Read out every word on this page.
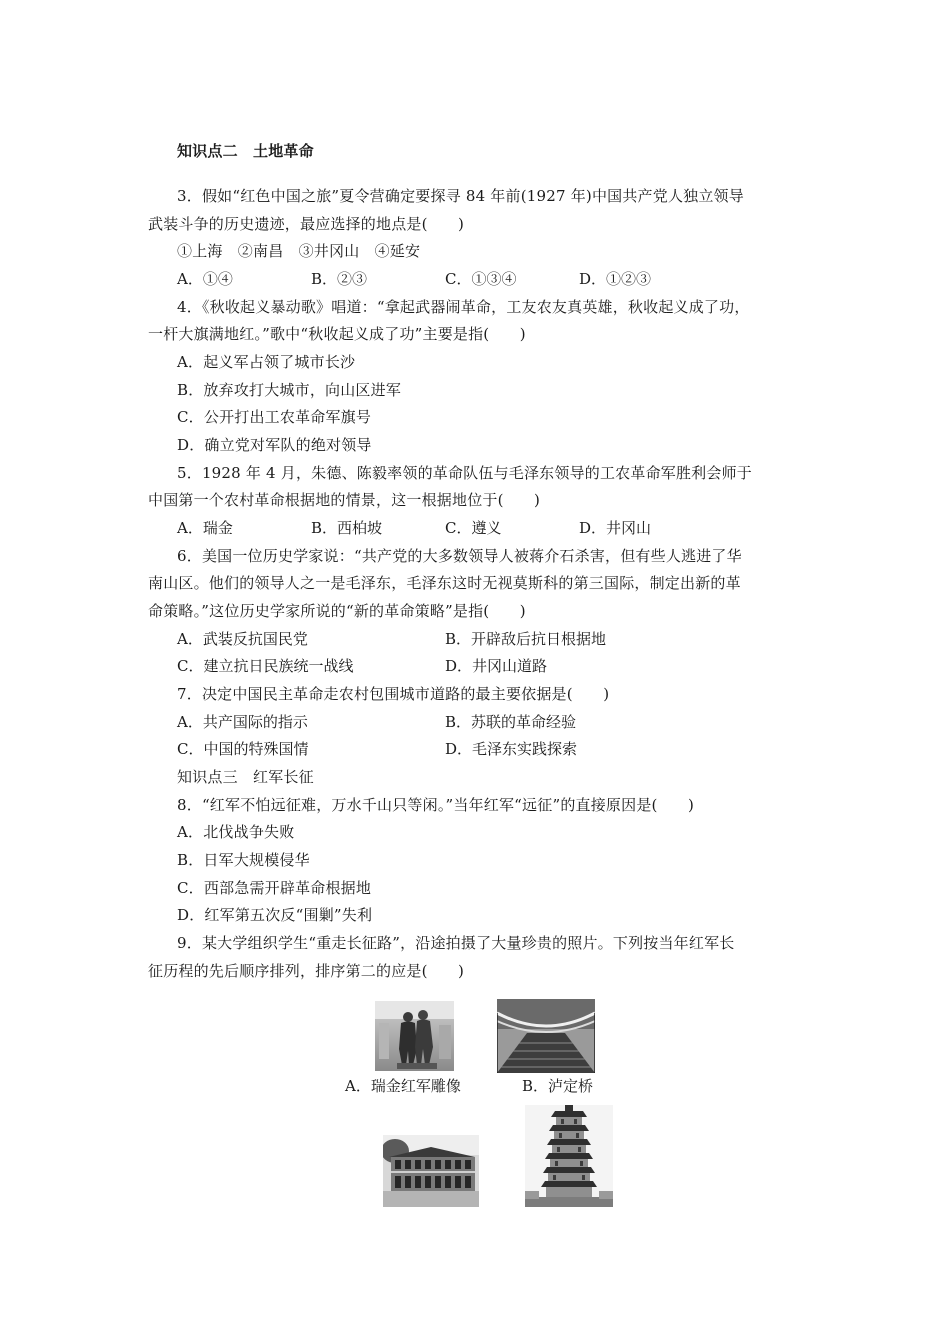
知识点二　土地革命
3．假如“红色中国之旅”夏令营确定要探寻 84 年前(1927 年)中国共产党人独立领导
武装斗争的历史遗迹，最应选择的地点是(　　)
①上海　②南昌　③井冈山　④延安
A．①④	B．②③	C．①③④	D．①②③
4．《秋收起义暴动歌》唱道：“拿起武器闹革命，工友农友真英雄，秋收起义成了功，
一杆大旗满地红。”歌中“秋收起义成了功”主要是指(　　)
A．起义军占领了城市长沙
B．放弃攻打大城市，向山区进军
C．公开打出工农革命军旗号
D．确立党对军队的绝对领导
5．1928 年 4 月，朱德、陈毅率领的革命队伍与毛泽东领导的工农革命军胜利会师于
中国第一个农村革命根据地的情景，这一根据地位于(　　)
A．瑞金	B．西柏坡	C．遵义	D．井冈山
6．美国一位历史学家说：“共产党的大多数领导人被蒋介石杀害，但有些人逃进了华
南山区。他们的领导人之一是毛泽东，毛泽东这时无视莫斯科的第三国际，制定出新的革
命策略。”这位历史学家所说的“新的革命策略”是指(　　)
A．武装反抗国民党	B．开辟敌后抗日根据地
C．建立抗日民族统一战线	D．井冈山道路
7．决定中国民主革命走农村包围城市道路的最主要依据是(　　)
A．共产国际的指示	B．苏联的革命经验
C．中国的特殊国情	D．毛泽东实践探索
知识点三　红军长征
8．“红军不怕远征难，万水千山只等闲。”当年红军“远征”的直接原因是(　　)
A．北伐战争失败
B．日军大规模侵华
C．西部急需开辟革命根据地
D．红军第五次反“围剿”失利
9．某大学组织学生“重走长征路”，沿途拍摄了大量珍贵的照片。下列按当年红军长
征历程的先后顺序排列，排序第二的应是(　　)
A．瑞金红军雕像	B．泸定桥
